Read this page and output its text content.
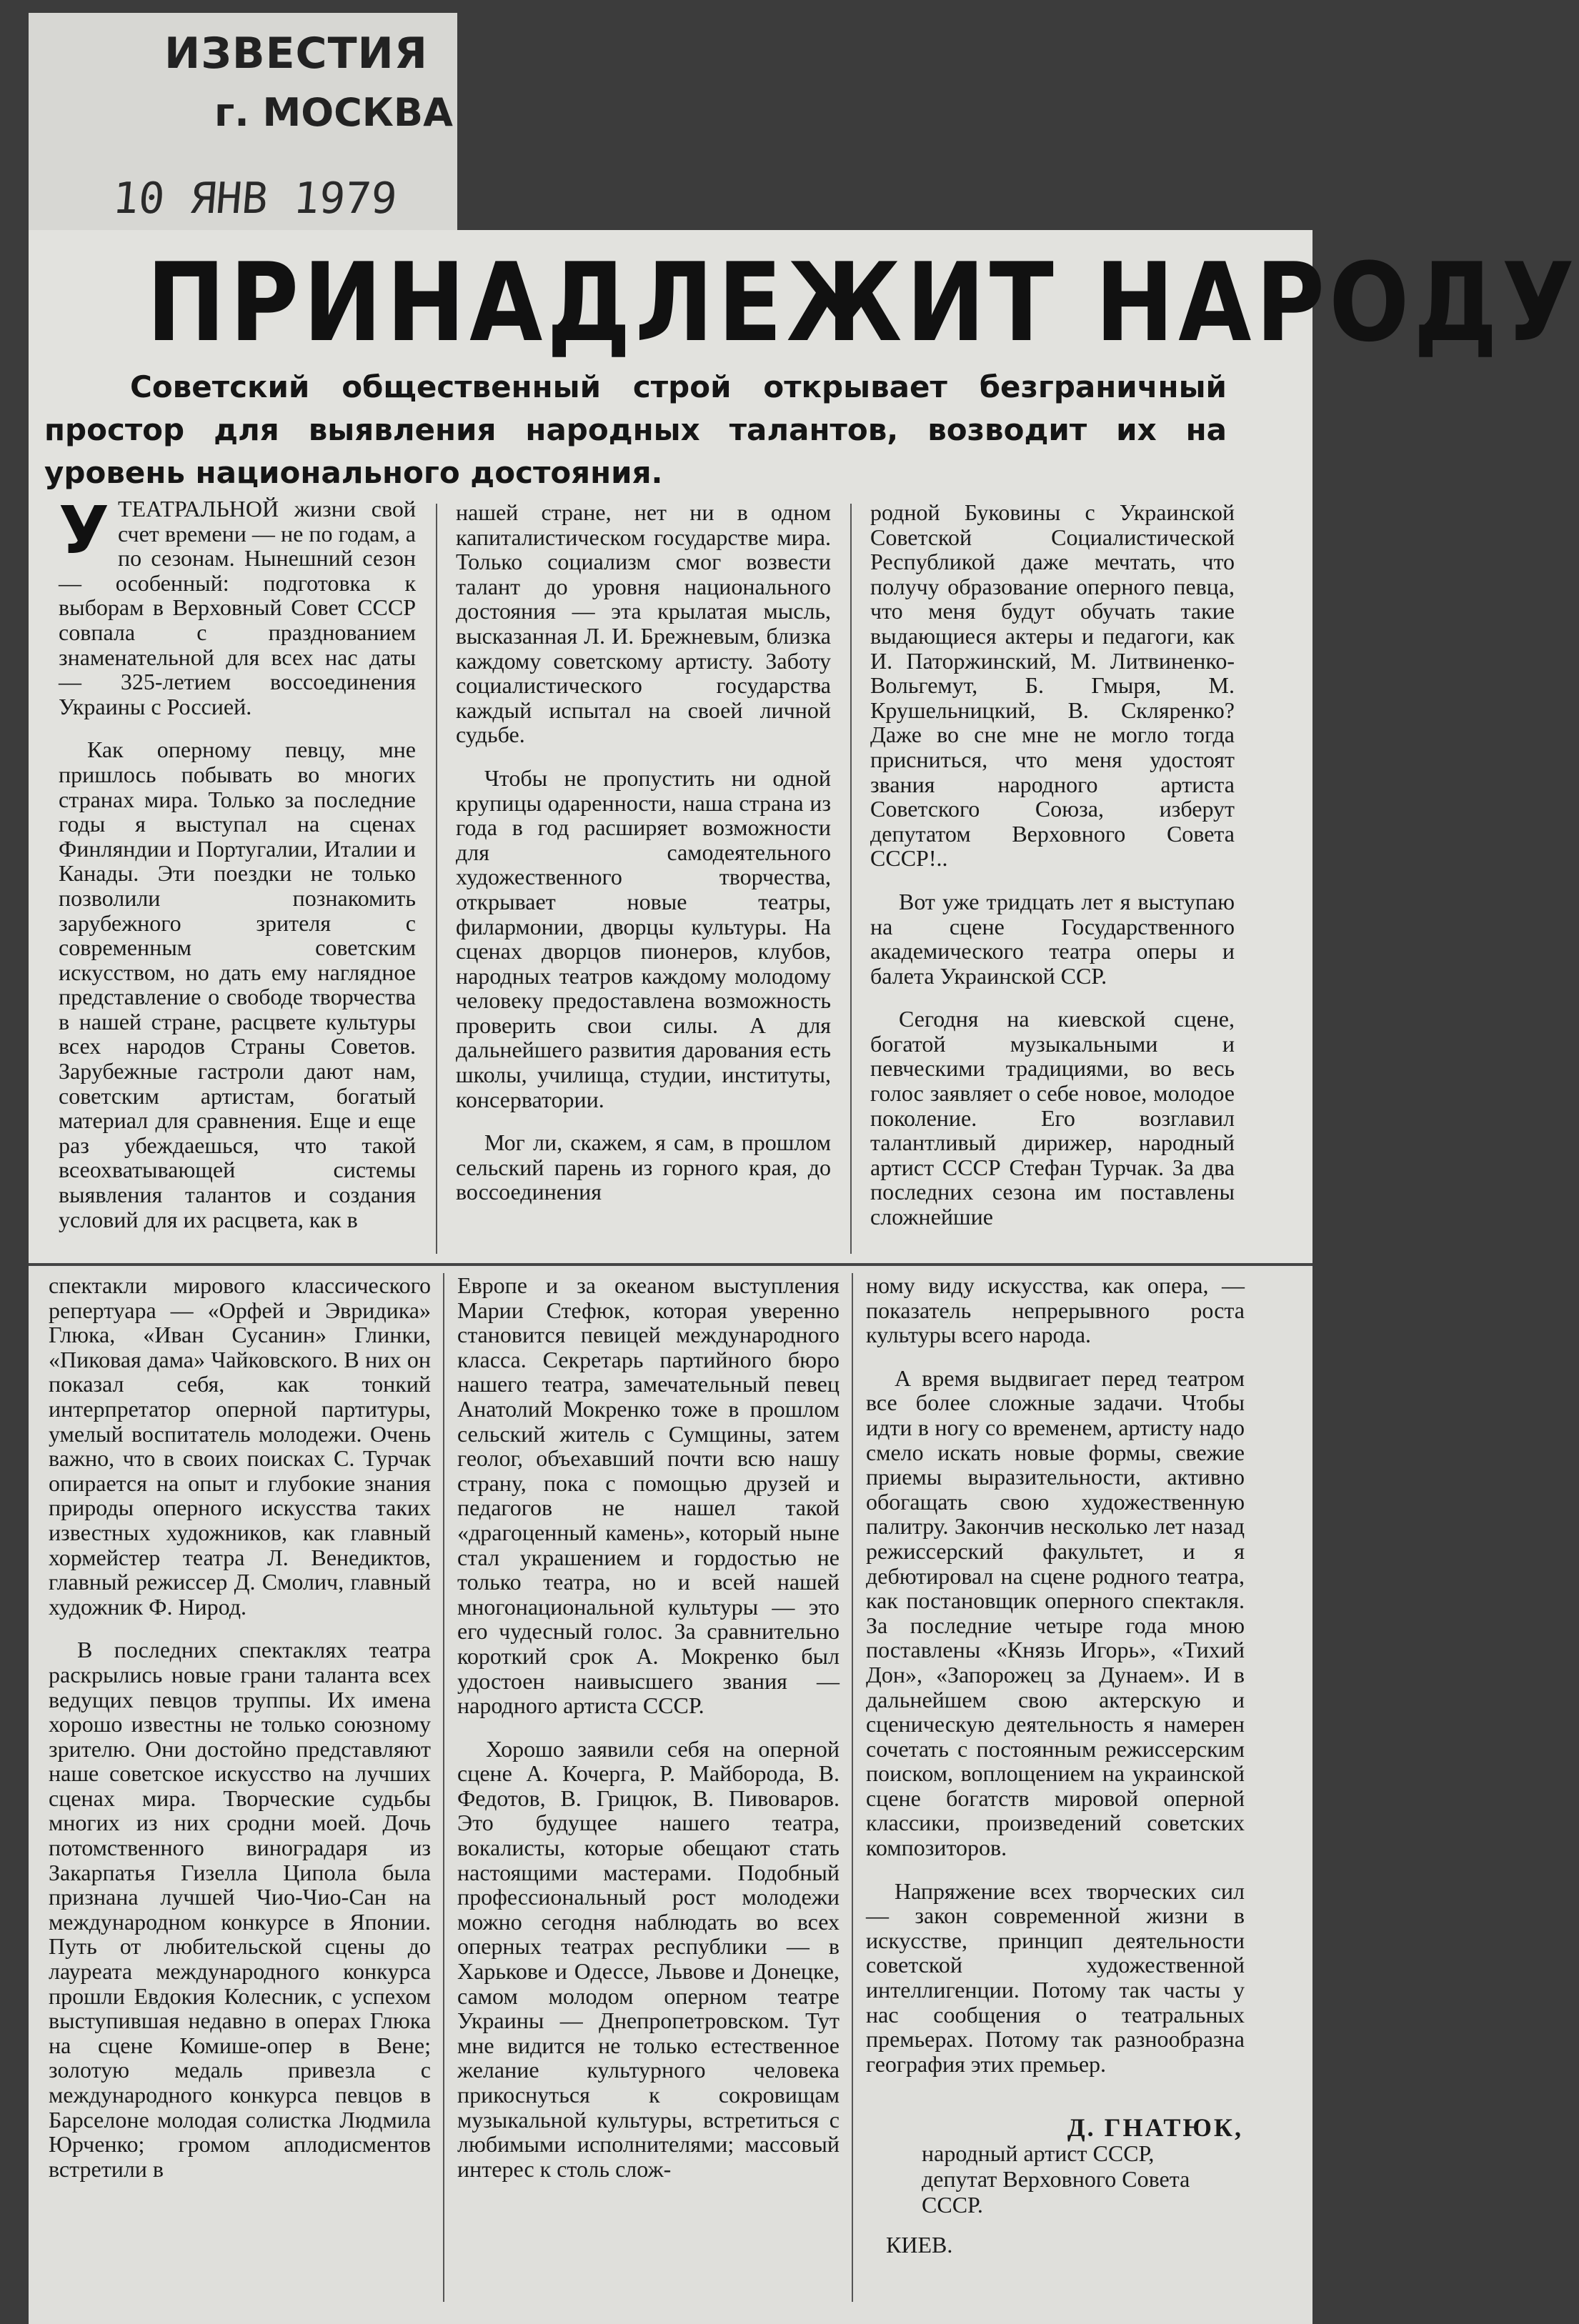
ИЗВЕСТИЯ
г. МОСКВА
10 ЯНВ 1979
ПРИНАДЛЕЖИТ НАРОДУ
Советский общественный строй открывает безграничный простор для выявления народных талантов, возводит их на уровень национального достояния.

УТЕАТРАЛЬНОЙ жизни свой счет времени — не по годам, а по сезонам. Нынешний сезон — особенный: подготовка к выборам в Верховный Совет СССР совпала с празднованием знаменательной для всех нас даты — 325-летием воссоединения Украины с Россией.

Как оперному певцу, мне пришлось побывать во многих странах мира. Только за последние годы я выступал на сценах Финляндии и Португалии, Италии и Канады. Эти поездки не только позволили познакомить зарубежного зрителя с современным советским искусством, но дать ему наглядное представление о свободе творчества в нашей стране, расцвете культуры всех народов Страны Советов. Зарубежные гастроли дают нам, советским артистам, богатый материал для сравнения. Еще и еще раз убеждаешься, что такой всеохватывающей системы выявления талантов и создания условий для их расцвета, как в

нашей стране, нет ни в одном капиталистическом государстве мира. Только социализм смог возвести талант до уровня национального достояния — эта крылатая мысль, высказанная Л. И. Брежневым, близка каждому советскому артисту. Заботу социалистического государства каждый испытал на своей личной судьбе.

Чтобы не пропустить ни одной крупицы одаренности, наша страна из года в год расширяет возможности для самодеятельного художественного творчества, открывает новые театры, филармонии, дворцы культуры. На сценах дворцов пионеров, клубов, народных театров каждому молодому человеку предоставлена возможность проверить свои силы. А для дальнейшего развития дарования есть школы, училища, студии, институты, консерватории.

Мог ли, скажем, я сам, в прошлом сельский парень из горного края, до воссоединения

родной Буковины с Украинской Советской Социалистической Республикой даже мечтать, что получу образование оперного певца, что меня будут обучать такие выдающиеся актеры и педагоги, как И. Паторжинский, М. Литвиненко-Вольгемут, Б. Гмыря, М. Крушельницкий, В. Скляренко? Даже во сне мне не могло тогда присниться, что меня удостоят звания народного артиста Советского Союза, изберут депутатом Верховного Совета СССР!..

Вот уже тридцать лет я выступаю на сцене Государственного академического театра оперы и балета Украинской ССР.

Сегодня на киевской сцене, богатой музыкальными и певческими традициями, во весь голос заявляет о себе новое, молодое поколение. Его возглавил талантливый дирижер, народный артист СССР Стефан Турчак. За два последних сезона им поставлены сложнейшие

спектакли мирового классического репертуара — «Орфей и Эвридика» Глюка, «Иван Сусанин» Глинки, «Пиковая дама» Чайковского. В них он показал себя, как тонкий интерпретатор оперной партитуры, умелый воспитатель молодежи. Очень важно, что в своих поисках С. Турчак опирается на опыт и глубокие знания природы оперного искусства таких известных художников, как главный хормейстер театра Л. Венедиктов, главный режиссер Д. Смолич, главный художник Ф. Нирод.

В последних спектаклях театра раскрылись новые грани таланта всех ведущих певцов труппы. Их имена хорошо известны не только союзному зрителю. Они достойно представляют наше советское искусство на лучших сценах мира. Творческие судьбы многих из них сродни моей. Дочь потомственного виноградаря из Закарпатья Гизелла Ципола была признана лучшей Чио-Чио-Сан на международном конкурсе в Японии. Путь от любительской сцены до лауреата международного конкурса прошли Евдокия Колесник, с успехом выступившая недавно в операх Глюка на сцене Комише-опер в Вене; золотую медаль привезла с международного конкурса певцов в Барселоне молодая солистка Людмила Юрченко; громом аплодисментов встретили в

Европе и за океаном выступления Марии Стефюк, которая уверенно становится певицей международного класса. Секретарь партийного бюро нашего театра, замечательный певец Анатолий Мокренко тоже в прошлом сельский житель с Сумщины, затем геолог, объехавший почти всю нашу страну, пока с помощью друзей и педагогов не нашел такой «драгоценный камень», который ныне стал украшением и гордостью не только театра, но и всей нашей многонациональной культуры — это его чудесный голос. За сравнительно короткий срок А. Мокренко был удостоен наивысшего звания — народного артиста СССР.

Хорошо заявили себя на оперной сцене А. Кочерга, Р. Майборода, В. Федотов, В. Грицюк, В. Пивоваров. Это будущее нашего театра, вокалисты, которые обещают стать настоящими мастерами. Подобный профессиональный рост молодежи можно сегодня наблюдать во всех оперных театрах республики — в Харькове и Одессе, Львове и Донецке, самом молодом оперном театре Украины — Днепропетровском. Тут мне видится не только естественное желание культурного человека прикоснуться к сокровищам музыкальной культуры, встретиться с любимыми исполнителями; массовый интерес к столь слож-

ному виду искусства, как опера, — показатель непрерывного роста культуры всего народа.

А время выдвигает перед театром все более сложные задачи. Чтобы идти в ногу со временем, артисту надо смело искать новые формы, свежие приемы выразительности, активно обогащать свою художественную палитру. Закончив несколько лет назад режиссерский факультет, и я дебютировал на сцене родного театра, как постановщик оперного спектакля. За последние четыре года мною поставлены «Князь Игорь», «Тихий Дон», «Запорожец за Дунаем». И в дальнейшем свою актерскую и сценическую деятельность я намерен сочетать с постоянным режиссерским поиском, воплощением на украинской сцене богатств мировой оперной классики, произведений советских композиторов.

Напряжение всех творческих сил — закон современной жизни в искусстве, принцип деятельности советской художественной интеллигенции. Потому так часты у нас сообщения о театральных премьерах. Потому так разнообразна география этих премьер.

Д. ГНАТЮК,
народный артист СССР,
депутат Верховного Совета СССР.
КИЕВ.
